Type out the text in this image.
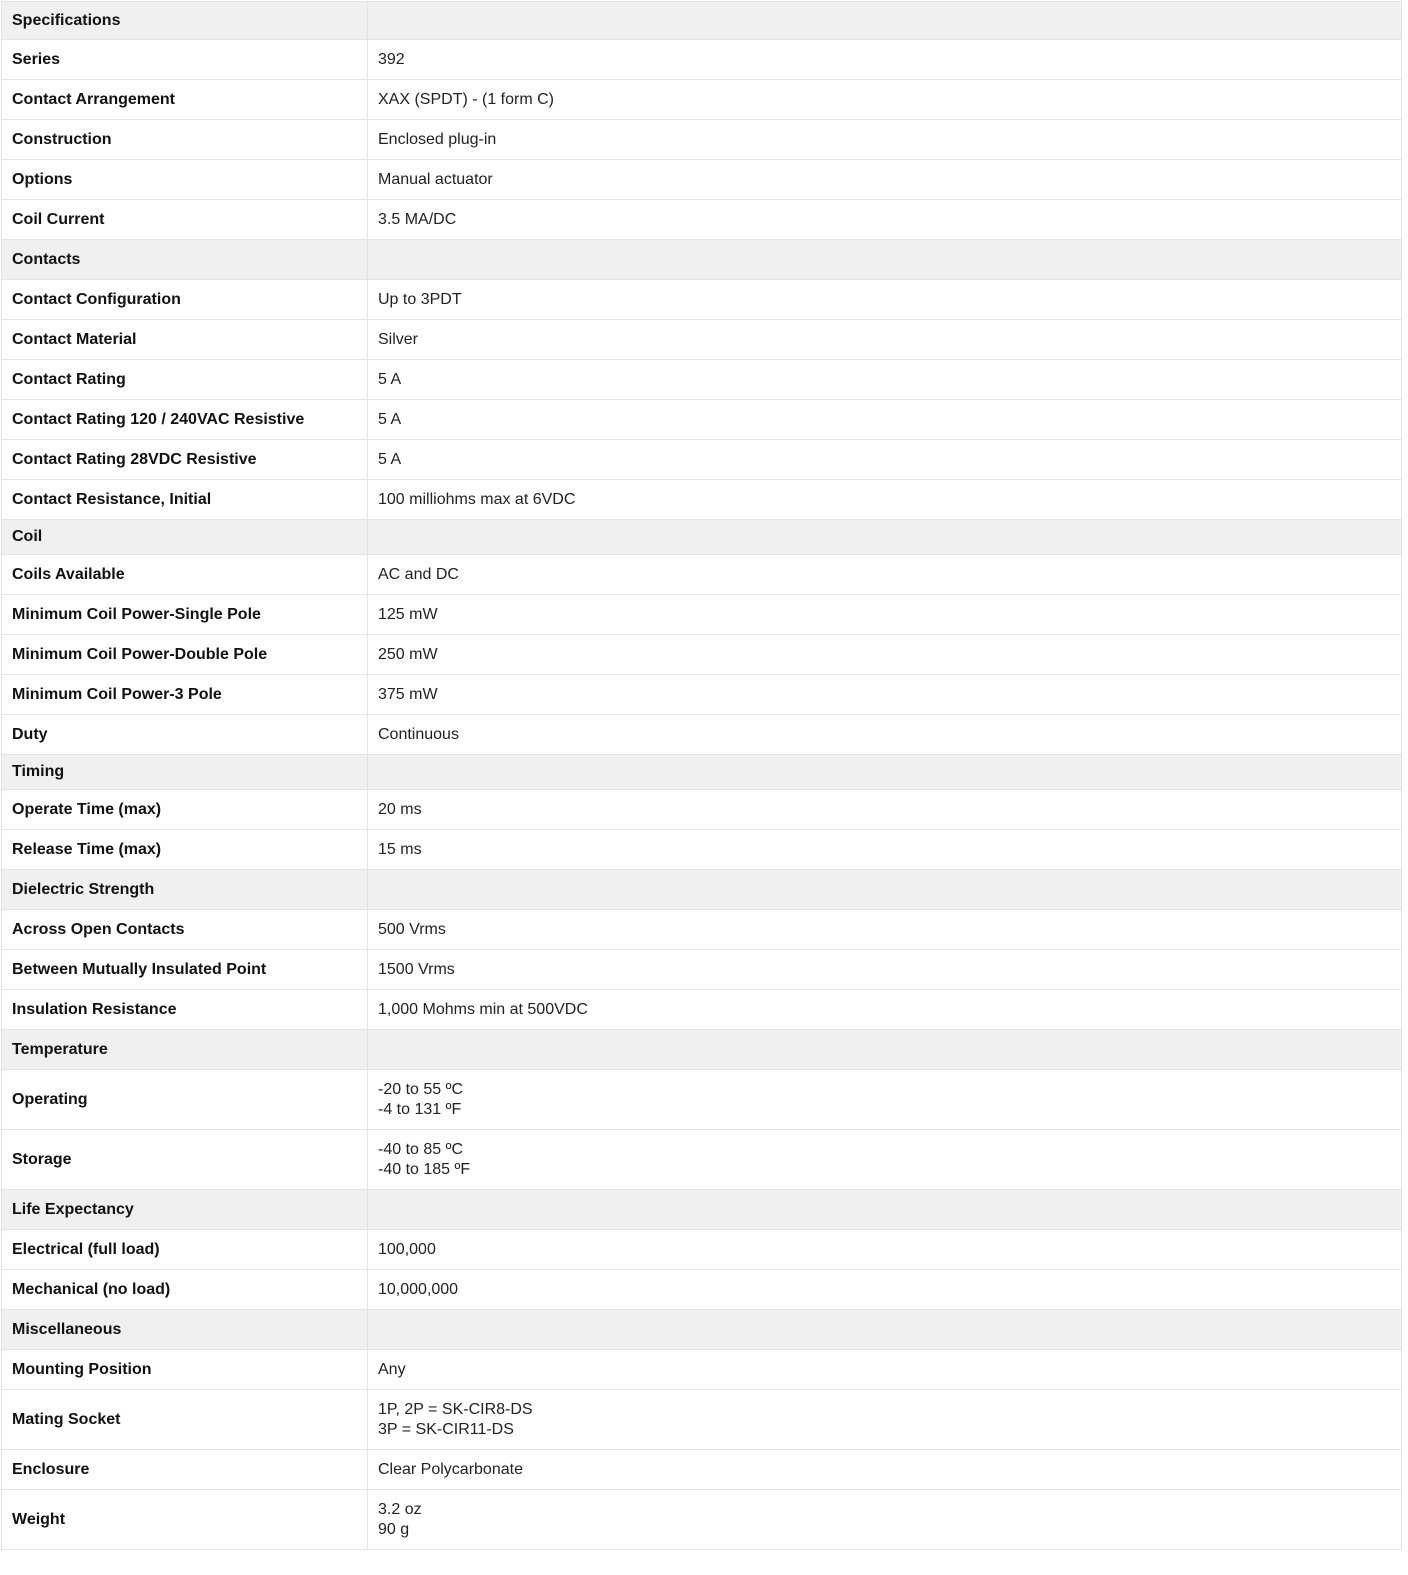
Specifications	
Series	392

Contact Arrangement	XAX (SPDT) - (1 form C)

Construction	Enclosed plug-in

Options	Manual actuator

Coil Current	3.5 MA/DC

Contacts	
Contact Configuration	Up to 3PDT

Contact Material	Silver

Contact Rating	5 A

Contact Rating 120 / 240VAC Resistive	5 A

Contact Rating 28VDC Resistive	5 A

Contact Resistance, Initial	100 milliohms max at 6VDC

Coil	
Coils Available	AC and DC

Minimum Coil Power-Single Pole	125 mW

Minimum Coil Power-Double Pole	250 mW

Minimum Coil Power-3 Pole	375 mW

Duty	Continuous

Timing	
Operate Time (max)	20 ms

Release Time (max)	15 ms

Dielectric Strength	
Across Open Contacts	500 Vrms

Between Mutually Insulated Point	1500 Vrms

Insulation Resistance	1,000 Mohms min at 500VDC

Temperature	
Operating	-20 to 55 ºC
-4 to 131 ºF

Storage	-40 to 85 ºC
-40 to 185 ºF

Life Expectancy	
Electrical (full load)	100,000

Mechanical (no load)	10,000,000

Miscellaneous	
Mounting Position	Any

Mating Socket	1P, 2P = SK-CIR8-DS
3P = SK-CIR11-DS

Enclosure	Clear Polycarbonate

Weight	3.2 oz
90 g
